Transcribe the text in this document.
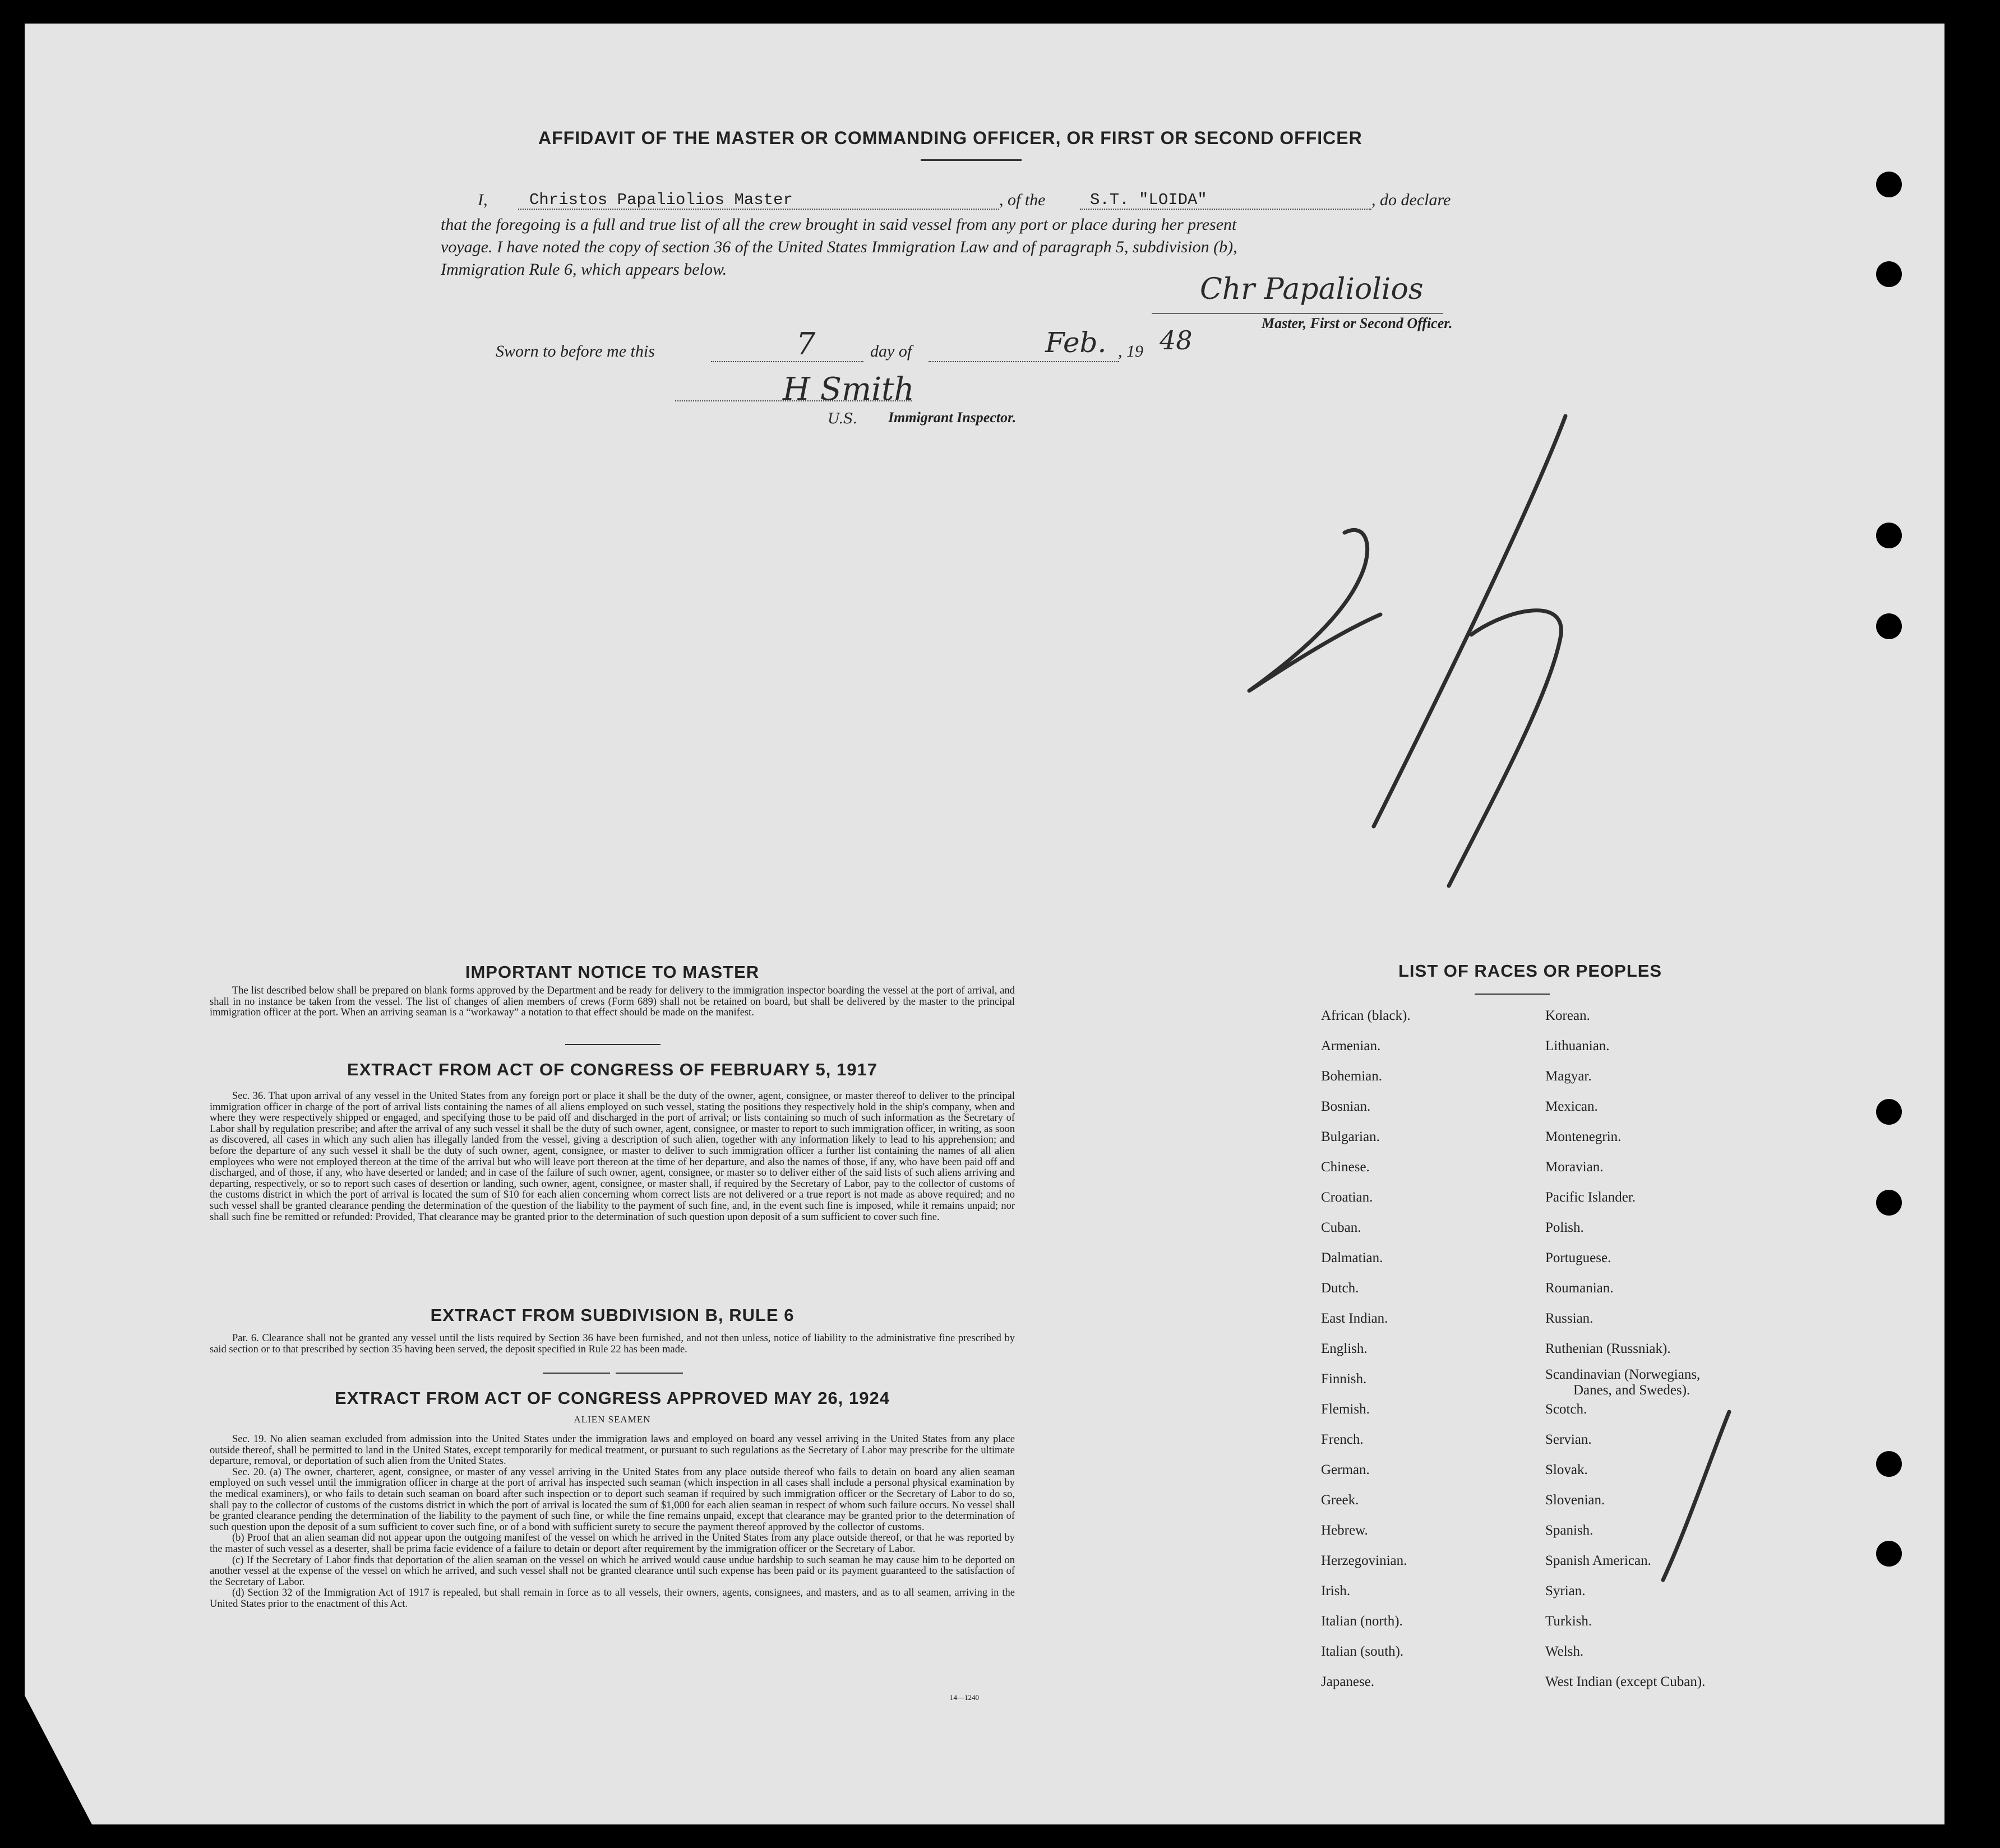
AFFIDAVIT OF THE MASTER OR COMMANDING OFFICER, OR FIRST OR SECOND OFFICER
I,	Christos Papaliolios Master	, of the	S.T. "LOIDA"	, do declare
that the foregoing is a full and true list of all the crew brought in said vessel from any port or place during her present
voyage. I have noted the copy of section 36 of the United States Immigration Law and of paragraph 5, subdivision (b),
Immigration Rule 6, which appears below.
Chr Papaliolios
Master, First or Second Officer.
Sworn to before me this	7	day of	Feb. , 19 48
H Smith
U.S. Immigrant Inspector.
IMPORTANT NOTICE TO MASTER

The list described below shall be prepared on blank forms approved by the Department and be ready for delivery to the immigration inspector boarding the vessel at the port of arrival, and shall in no instance be taken from the vessel. The list of changes of alien members of crews (Form 689) shall not be retained on board, but shall be delivered by the master to the principal immigration officer at the port. When an arriving seaman is a “workaway” a notation to that effect should be made on the manifest.

EXTRACT FROM ACT OF CONGRESS OF FEBRUARY 5, 1917

Sec. 36. That upon arrival of any vessel in the United States from any foreign port or place it shall be the duty of the owner, agent, consignee, or master thereof to deliver to the principal immigration officer in charge of the port of arrival lists containing the names of all aliens employed on such vessel, stating the positions they respectively hold in the ship's company, when and where they were respectively shipped or engaged, and specifying those to be paid off and discharged in the port of arrival; or lists containing so much of such information as the Secretary of Labor shall by regulation prescribe; and after the arrival of any such vessel it shall be the duty of such owner, agent, consignee, or master to report to such immigration officer, in writing, as soon as discovered, all cases in which any such alien has illegally landed from the vessel, giving a description of such alien, together with any information likely to lead to his apprehension; and before the departure of any such vessel it shall be the duty of such owner, agent, consignee, or master to deliver to such immigration officer a further list containing the names of all alien employees who were not employed thereon at the time of the arrival but who will leave port thereon at the time of her departure, and also the names of those, if any, who have been paid off and discharged, and of those, if any, who have deserted or landed; and in case of the failure of such owner, agent, consignee, or master so to deliver either of the said lists of such aliens arriving and departing, respectively, or so to report such cases of desertion or landing, such owner, agent, consignee, or master shall, if required by the Secretary of Labor, pay to the collector of customs of the customs district in which the port of arrival is located the sum of $10 for each alien concerning whom correct lists are not delivered or a true report is not made as above required; and no such vessel shall be granted clearance pending the determination of the question of the liability to the payment of such fine, and, in the event such fine is imposed, while it remains unpaid; nor shall such fine be remitted or refunded: Provided, That clearance may be granted prior to the determination of such question upon deposit of a sum sufficient to cover such fine.

EXTRACT FROM SUBDIVISION B, RULE 6

Par. 6. Clearance shall not be granted any vessel until the lists required by Section 36 have been furnished, and not then unless, notice of liability to the administrative fine prescribed by said section or to that prescribed by section 35 having been served, the deposit specified in Rule 22 has been made.

EXTRACT FROM ACT OF CONGRESS APPROVED MAY 26, 1924
ALIEN SEAMEN

Sec. 19. No alien seaman excluded from admission into the United States under the immigration laws and employed on board any vessel arriving in the United States from any place outside thereof, shall be permitted to land in the United States, except temporarily for medical treatment, or pursuant to such regulations as the Secretary of Labor may prescribe for the ultimate departure, removal, or deportation of such alien from the United States.

Sec. 20. (a) The owner, charterer, agent, consignee, or master of any vessel arriving in the United States from any place outside thereof who fails to detain on board any alien seaman employed on such vessel until the immigration officer in charge at the port of arrival has inspected such seaman (which inspection in all cases shall include a personal physical examination by the medical examiners), or who fails to detain such seaman on board after such inspection or to deport such seaman if required by such immigration officer or the Secretary of Labor to do so, shall pay to the collector of customs of the customs district in which the port of arrival is located the sum of $1,000 for each alien seaman in respect of whom such failure occurs. No vessel shall be granted clearance pending the determination of the liability to the payment of such fine, or while the fine remains unpaid, except that clearance may be granted prior to the determination of such question upon the deposit of a sum sufficient to cover such fine, or of a bond with sufficient surety to secure the payment thereof approved by the collector of customs.

(b) Proof that an alien seaman did not appear upon the outgoing manifest of the vessel on which he arrived in the United States from any place outside thereof, or that he was reported by the master of such vessel as a deserter, shall be prima facie evidence of a failure to detain or deport after requirement by the immigration officer or the Secretary of Labor.

(c) If the Secretary of Labor finds that deportation of the alien seaman on the vessel on which he arrived would cause undue hardship to such seaman he may cause him to be deported on another vessel at the expense of the vessel on which he arrived, and such vessel shall not be granted clearance until such expense has been paid or its payment guaranteed to the satisfaction of the Secretary of Labor.

(d) Section 32 of the Immigration Act of 1917 is repealed, but shall remain in force as to all vessels, their owners, agents, consignees, and masters, and as to all seamen, arriving in the United States prior to the enactment of this Act.

14—1240
LIST OF RACES OR PEOPLES
African (black).
Armenian.
Bohemian.
Bosnian.
Bulgarian.
Chinese.
Croatian.
Cuban.
Dalmatian.
Dutch.
East Indian.
English.
Finnish.
Flemish.
French.
German.
Greek.
Hebrew.
Herzegovinian.
Irish.
Italian (north).
Italian (south).
Japanese.
Korean.
Lithuanian.
Magyar.
Mexican.
Montenegrin.
Moravian.
Pacific Islander.
Polish.
Portuguese.
Roumanian.
Russian.
Ruthenian (Russniak).
Scandinavian (Norwegians,
Danes, and Swedes).
Scotch.
Servian.
Slovak.
Slovenian.
Spanish.
Spanish American.
Syrian.
Turkish.
Welsh.
West Indian (except Cuban).
